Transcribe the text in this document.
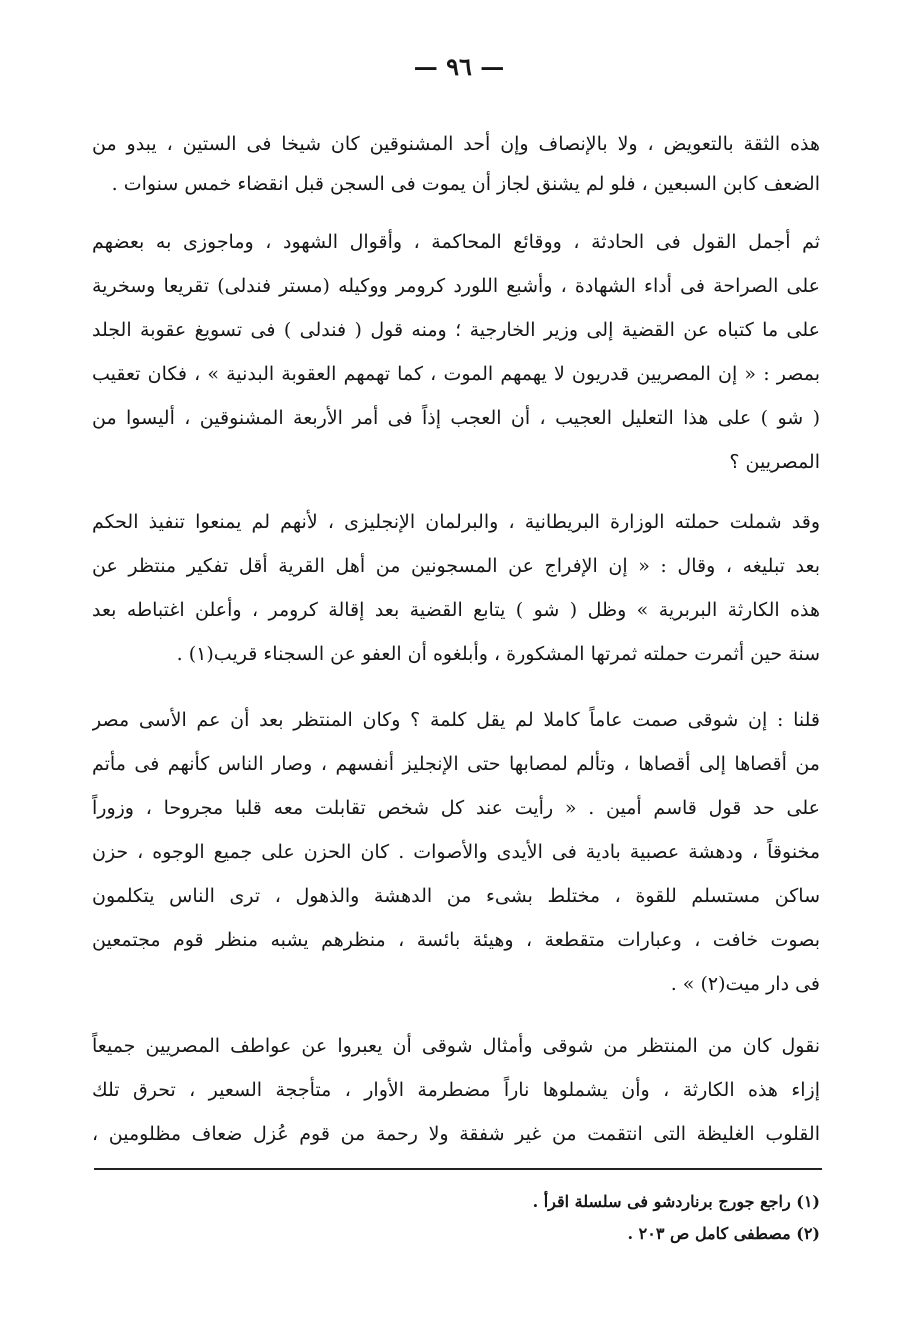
— ٩٦ —
هذه الثقة بالتعويض ، ولا بالإنصاف وإن أحد المشنوقين كان شيخا فى الستين ، يبدو من
الضعف كابن السبعين ، فلو لم يشنق لجاز أن يموت فى السجن قبل انقضاء خمس سنوات .
ثم أجمل القول فى الحادثة ، ووقائع المحاكمة ، وأقوال الشهود ، وماجوزى به بعضهم
على الصراحة فى أداء الشهادة ، وأشبع اللورد كرومر ووكيله (مستر فندلى) تقريعا وسخرية
على ما كتباه عن القضية إلى وزير الخارجية ؛ ومنه قول ( فندلى ) فى تسويغ عقوبة الجلد
بمصر : « إن المصريين قدريون لا يهمهم الموت ، كما تهمهم العقوبة البدنية » ، فكان تعقيب
( شو ) على هذا التعليل العجيب ، أن العجب إذاً فى أمر الأربعة المشنوقين ، أليسوا من
المصريين ؟
وقد شملت حملته الوزارة البريطانية ، والبرلمان الإنجليزى ، لأنهم لم يمنعوا تنفيذ الحكم
بعد تبليغه ، وقال : « إن الإفراج عن المسجونين من أهل القرية أقل تفكير منتظر عن
هذه الكارثة البربرية » وظل ( شو ) يتابع القضية بعد إقالة كرومر ، وأعلن اغتباطه بعد
سنة حين أثمرت حملته ثمرتها المشكورة ، وأبلغوه أن العفو عن السجناء قريب(١) .
قلنا : إن شوقى صمت عاماً كاملا لم يقل كلمة ؟ وكان المنتظر بعد أن عم الأسى مصر
من أقصاها إلى أقصاها ، وتألم لمصابها حتى الإنجليز أنفسهم ، وصار الناس كأنهم فى مأتم
على حد قول قاسم أمين . « رأيت عند كل شخص تقابلت معه قلبا مجروحا ، وزوراً
مخنوقاً ، ودهشة عصبية بادية فى الأيدى والأصوات . كان الحزن على جميع الوجوه ، حزن
ساكن مستسلم للقوة ، مختلط بشىء من الدهشة والذهول ، ترى الناس يتكلمون
بصوت خافت ، وعبارات متقطعة ، وهيئة بائسة ، منظرهم يشبه منظر قوم مجتمعين
فى دار ميت(٢) » .
نقول كان من المنتظر من شوقى وأمثال شوقى أن يعبروا عن عواطف المصريين جميعاً
إزاء هذه الكارثة ، وأن يشملوها ناراً مضطرمة الأوار ، متأججة السعير ، تحرق تلك
القلوب الغليظة التى انتقمت من غير شفقة ولا رحمة من قوم عُزل ضعاف مظلومين ،
(١) راجع جورج برناردشو فى سلسلة اقرأ .
(٢) مصطفى كامل ص ٢٠٣ .
